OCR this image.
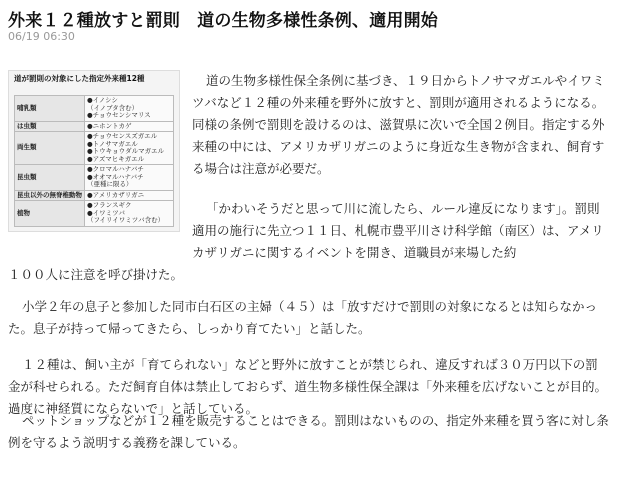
外来１２種放すと罰則　道の生物多様性条例、適用開始
06/19 06:30
道が罰則の対象にした指定外来種12種
哺乳類	●イノシシ
（イノブタ含む）
●チョウセンシマリス

は虫類	●ニホントカゲ

両生類	●チョウセンスズガエル
●トノサマガエル
●トウキョウダルマガエル
●アズマヒキガエル

昆虫類	●クロマルハナバチ
●オオマルハナバチ
（亜種に限る）

昆虫以外の無脊椎動物	●アメリカザリガニ

植物	●フランスギク
●イワミツバ
（フイリイワミツバ含む）

道の生物多様性保全条例に基づき、１９日からトノサマガエルやイワミツバなど１２種の外来種を野外に放すと、罰則が適用されるようになる。同様の条例で罰則を設けるのは、滋賀県に次いで全国２例目。指定する外来種の中には、アメリカザリガニのように身近な生き物が含まれ、飼育する場合は注意が必要だ。

「かわいそうだと思って川に流したら、ルール違反になります」。罰則適用の施行に先立つ１１日、札幌市豊平川さけ科学館（南区）は、アメリカザリガニに関するイベントを開き、道職員が来場した約

１００人に注意を呼び掛けた。

小学２年の息子と参加した同市白石区の主婦（４５）は「放すだけで罰則の対象になるとは知らなかった。息子が持って帰ってきたら、しっかり育てたい」と話した。

１２種は、飼い主が「育てられない」などと野外に放すことが禁じられ、違反すれば３０万円以下の罰金が科せられる。ただ飼育自体は禁止しておらず、道生物多様性保全課は「外来種を広げないことが目的。過度に神経質にならないで」と話している。

ペットショップなどが１２種を販売することはできる。罰則はないものの、指定外来種を買う客に対し条例を守るよう説明する義務を課している。
